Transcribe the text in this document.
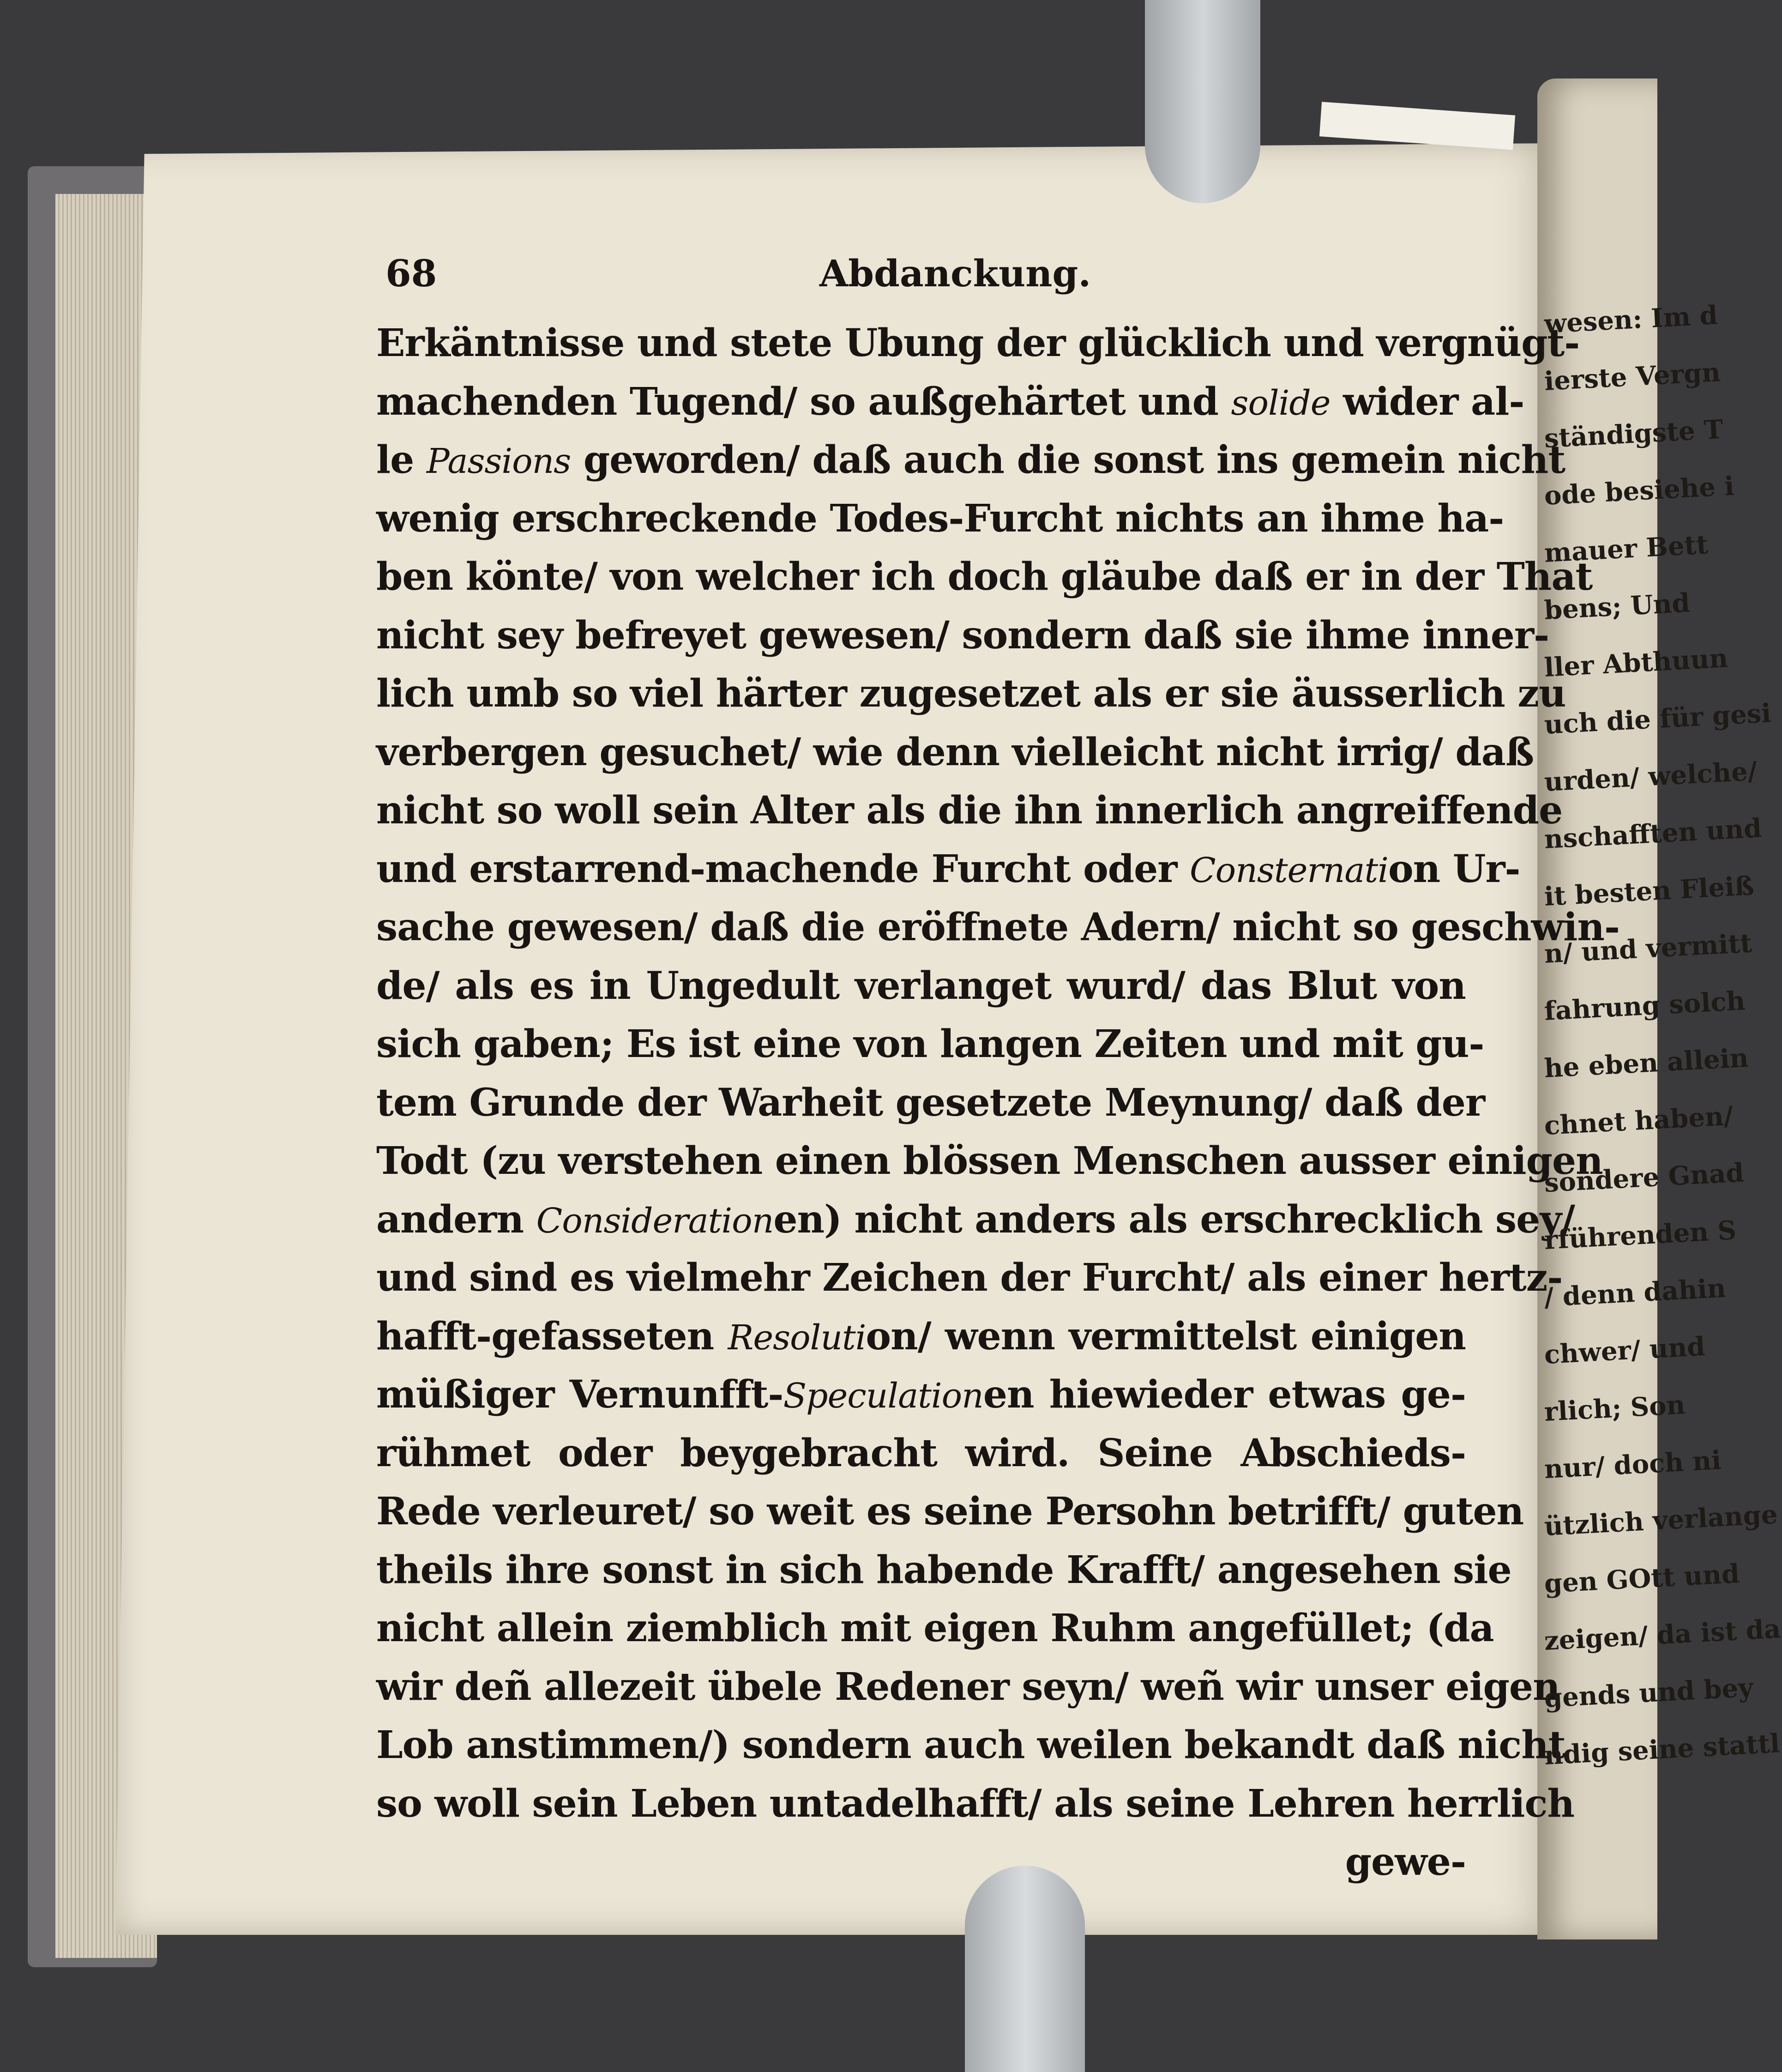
68	Abdanckung.
Erkäntnisse und stete Ubung der glücklich und vergnügt-
machenden Tugend/ so außgehärtet und solide wider al-
le Passions geworden/ daß auch die sonst ins gemein nicht
wenig erschreckende Todes-Furcht nichts an ihme ha-
ben könte/ von welcher ich doch gläube daß er in der That
nicht sey befreyet gewesen/ sondern daß sie ihme inner-
lich umb so viel härter zugesetzet als er sie äusserlich zu
verbergen gesuchet/ wie denn vielleicht nicht irrig/ daß
nicht so woll sein Alter als die ihn innerlich angreiffende
und erstarrend-machende Furcht oder Consternation Ur-
sache gewesen/ daß die eröffnete Adern/ nicht so geschwin-
de/ als es in Ungedult verlanget wurd/ das Blut von
sich gaben; Es ist eine von langen Zeiten und mit gu-
tem Grunde der Warheit gesetzete Meynung/ daß der
Todt (zu verstehen einen blössen Menschen ausser einigen
andern Considerationen) nicht anders als erschrecklich sey/
und sind es vielmehr Zeichen der Furcht/ als einer hertz-
hafft-gefasseten Resolution/ wenn vermittelst einigen
müßiger Vernunfft-Speculationen hiewieder etwas ge-
rühmet oder beygebracht wird. Seine Abschieds-
Rede verleuret/ so weit es seine Persohn betrifft/ guten
theils ihre sonst in sich habende Krafft/ angesehen sie
nicht allein ziemblich mit eigen Ruhm angefüllet; (da
wir deñ allezeit übele Redener seyn/ weñ wir unser eigen
Lob anstimmen/) sondern auch weilen bekandt daß nicht
so woll sein Leben untadelhafft/ als seine Lehren herrlich
gewe-
wesen: Im d
ierste Vergn
ständigste T
ode besiehe i
mauer Bett
bens; Und
ller Abthuun
uch die für gesi
urden/ welche/
nschafften und
it besten Fleiß
n/ und vermitt
fahrung solch
he eben allein
chnet haben/
sondere Gnad
rführenden S
/ denn dahin
chwer/ und
rlich; Son
nur/ doch ni
ützlich verlange
gen GOtt und
zeigen/ da ist da
gends und bey
ndig seine stattl
